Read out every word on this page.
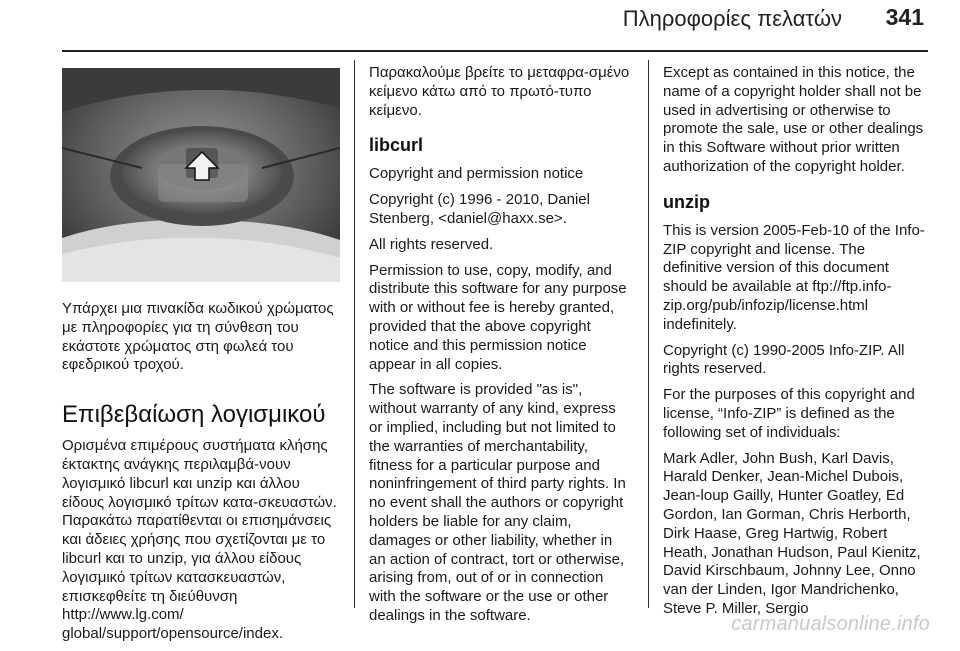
Πληροφορίες πελατών 341

Υπάρχει μια πινακίδα κωδικού χρώματος με πληροφορίες για τη σύνθεση του εκάστοτε χρώματος στη φωλεά του εφεδρικού τροχού.

Επιβεβαίωση λογισμικού

Ορισμένα επιμέρους συστήματα κλήσης έκτακτης ανάγκης περιλαμβά-νουν λογισμικό libcurl και unzip και άλλου είδους λογισμικό τρίτων κατα-σκευαστών. Παρακάτω παρατίθενται οι επισημάνσεις και άδειες χρήσης που σχετίζονται με το libcurl και το unzip, για άλλου είδους λογισμικό τρίτων κατασκευαστών, επισκεφθείτε τη διεύθυνση http://www.lg.com/ global/support/opensource/index.

Παρακαλούμε βρείτε το μεταφρα-σμένο κείμενο κάτω από το πρωτό-τυπο κείμενο.

libcurl

Copyright and permission notice

Copyright (c) 1996 - 2010, Daniel Stenberg, <daniel@haxx.se>.

All rights reserved.

Permission to use, copy, modify, and distribute this software for any purpose with or without fee is hereby granted, provided that the above copyright notice and this permission notice appear in all copies.

The software is provided "as is", without warranty of any kind, express or implied, including but not limited to the warranties of merchantability, fitness for a particular purpose and noninfringement of third party rights. In no event shall the authors or copyright holders be liable for any claim, damages or other liability, whether in an action of contract, tort or otherwise, arising from, out of or in connection with the software or the use or other dealings in the software.

Except as contained in this notice, the name of a copyright holder shall not be used in advertising or otherwise to promote the sale, use or other dealings in this Software without prior written authorization of the copyright holder.

unzip

This is version 2005-Feb-10 of the Info-ZIP copyright and license. The definitive version of this document should be available at ftp://ftp.info-zip.org/pub/infozip/license.html indefinitely.

Copyright (c) 1990-2005 Info-ZIP. All rights reserved.

For the purposes of this copyright and license, “Info-ZIP” is defined as the following set of individuals:

Mark Adler, John Bush, Karl Davis, Harald Denker, Jean-Michel Dubois, Jean-loup Gailly, Hunter Goatley, Ed Gordon, Ian Gorman, Chris Herborth, Dirk Haase, Greg Hartwig, Robert Heath, Jonathan Hudson, Paul Kienitz, David Kirschbaum, Johnny Lee, Onno van der Linden, Igor Mandrichenko, Steve P. Miller, Sergio

carmanualsonline.info
